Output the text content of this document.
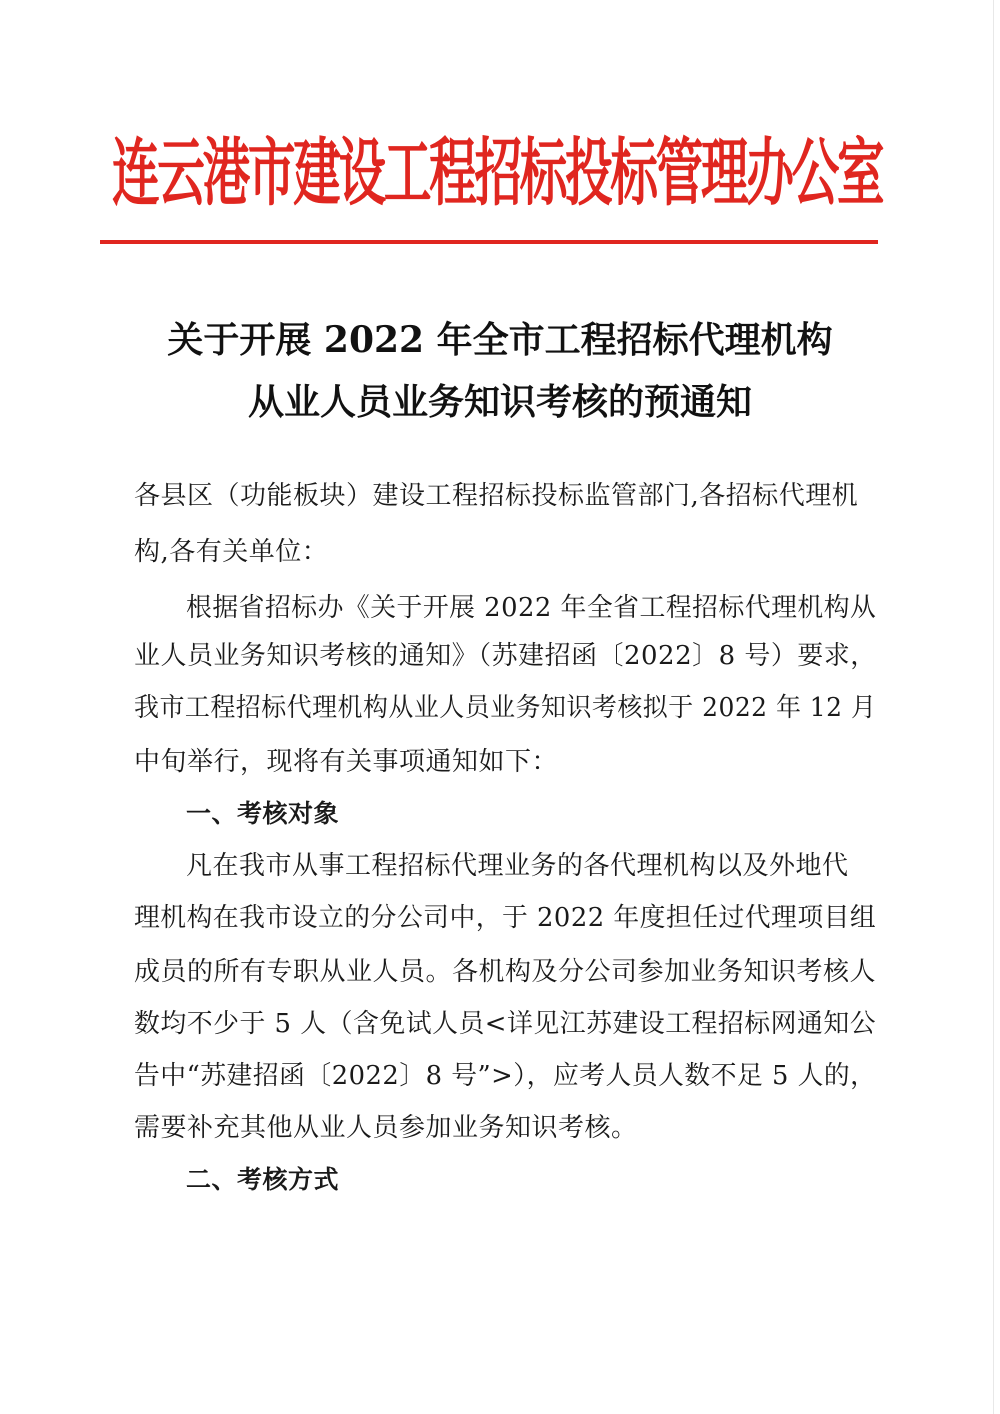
连云港市建设工程招标投标管理办公室
关于开展 2022 年全市工程招标代理机构
从业人员业务知识考核的预通知
各县区（功能板块）建设工程招标投标监管部门,各招标代理机
构,各有关单位：
根据省招标办《关于开展 2022 年全省工程招标代理机构从
业人员业务知识考核的通知》（苏建招函〔2022〕8 号）要求，
我市工程招标代理机构从业人员业务知识考核拟于 2022 年 12 月
中旬举行，现将有关事项通知如下：
一、考核对象
凡在我市从事工程招标代理业务的各代理机构以及外地代
理机构在我市设立的分公司中，于 2022 年度担任过代理项目组
成员的所有专职从业人员。各机构及分公司参加业务知识考核人
数均不少于 5 人（含免试人员<详见江苏建设工程招标网通知公
告中“苏建招函〔2022〕8 号”>），应考人员人数不足 5 人的，
需要补充其他从业人员参加业务知识考核。
二、考核方式
